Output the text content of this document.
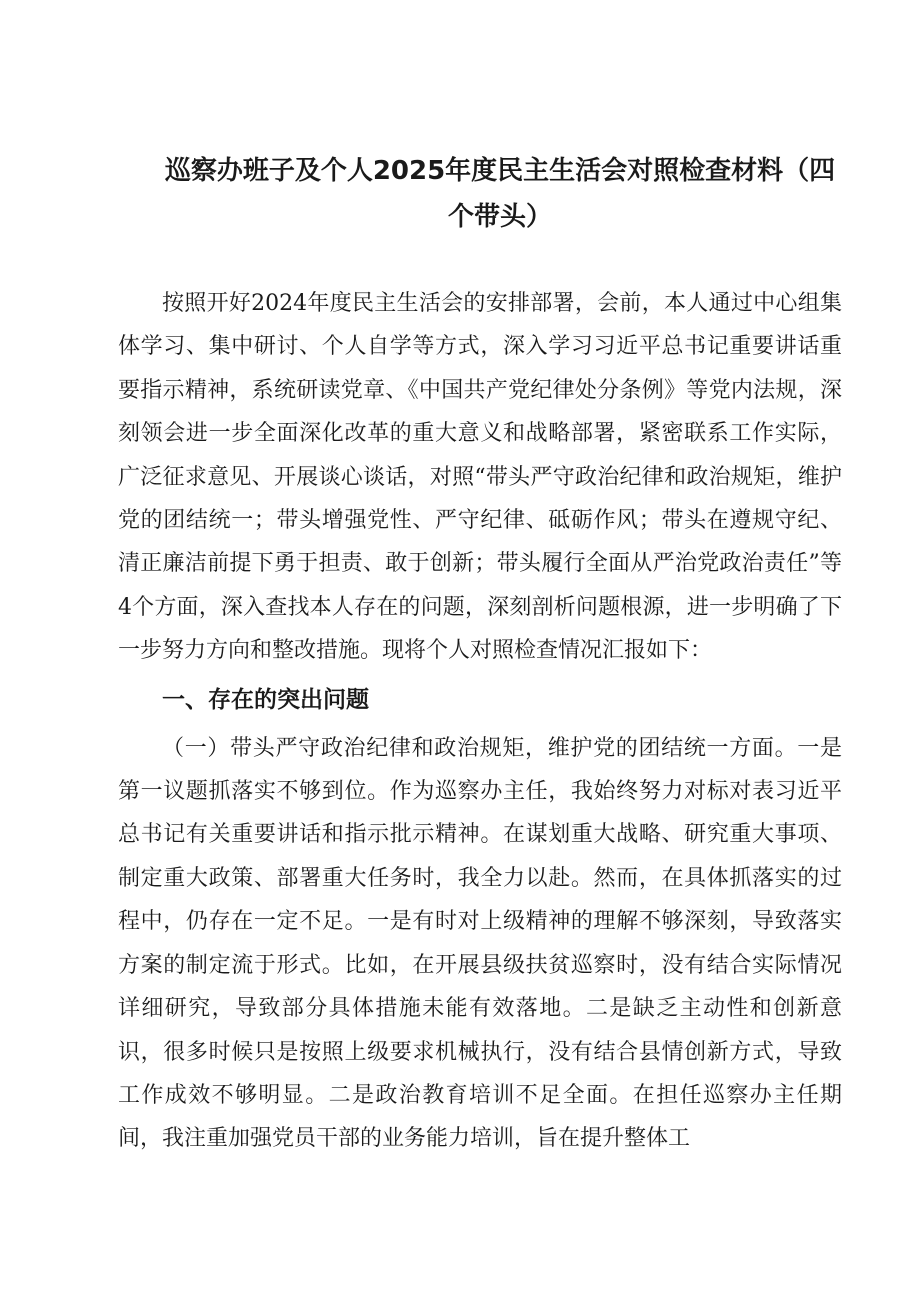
巡察办班子及个人2025年度民主生活会对照检查材料（四个带头）

按照开好2024年度民主生活会的安排部署，会前，本人通过中心组集体学习、集中研讨、个人自学等方式，深入学习习近平总书记重要讲话重要指示精神，系统研读党章、《中国共产党纪律处分条例》等党内法规，深刻领会进一步全面深化改革的重大意义和战略部署，紧密联系工作实际，广泛征求意见、开展谈心谈话，对照“带头严守政治纪律和政治规矩，维护党的团结统一；带头增强党性、严守纪律、砥砺作风；带头在遵规守纪、清正廉洁前提下勇于担责、敢于创新；带头履行全面从严治党政治责任”等4个方面，深入查找本人存在的问题，深刻剖析问题根源，进一步明确了下一步努力方向和整改措施。现将个人对照检查情况汇报如下：

一、存在的突出问题

（一）带头严守政治纪律和政治规矩，维护党的团结统一方面。一是第一议题抓落实不够到位。作为巡察办主任，我始终努力对标对表习近平总书记有关重要讲话和指示批示精神。在谋划重大战略、研究重大事项、制定重大政策、部署重大任务时，我全力以赴。然而，在具体抓落实的过程中，仍存在一定不足。一是有时对上级精神的理解不够深刻，导致落实方案的制定流于形式。比如，在开展县级扶贫巡察时，没有结合实际情况详细研究，导致部分具体措施未能有效落地。二是缺乏主动性和创新意识，很多时候只是按照上级要求机械执行，没有结合县情创新方式，导致工作成效不够明显。二是政治教育培训不足全面。在担任巡察办主任期间，我注重加强党员干部的业务能力培训，旨在提升整体工
